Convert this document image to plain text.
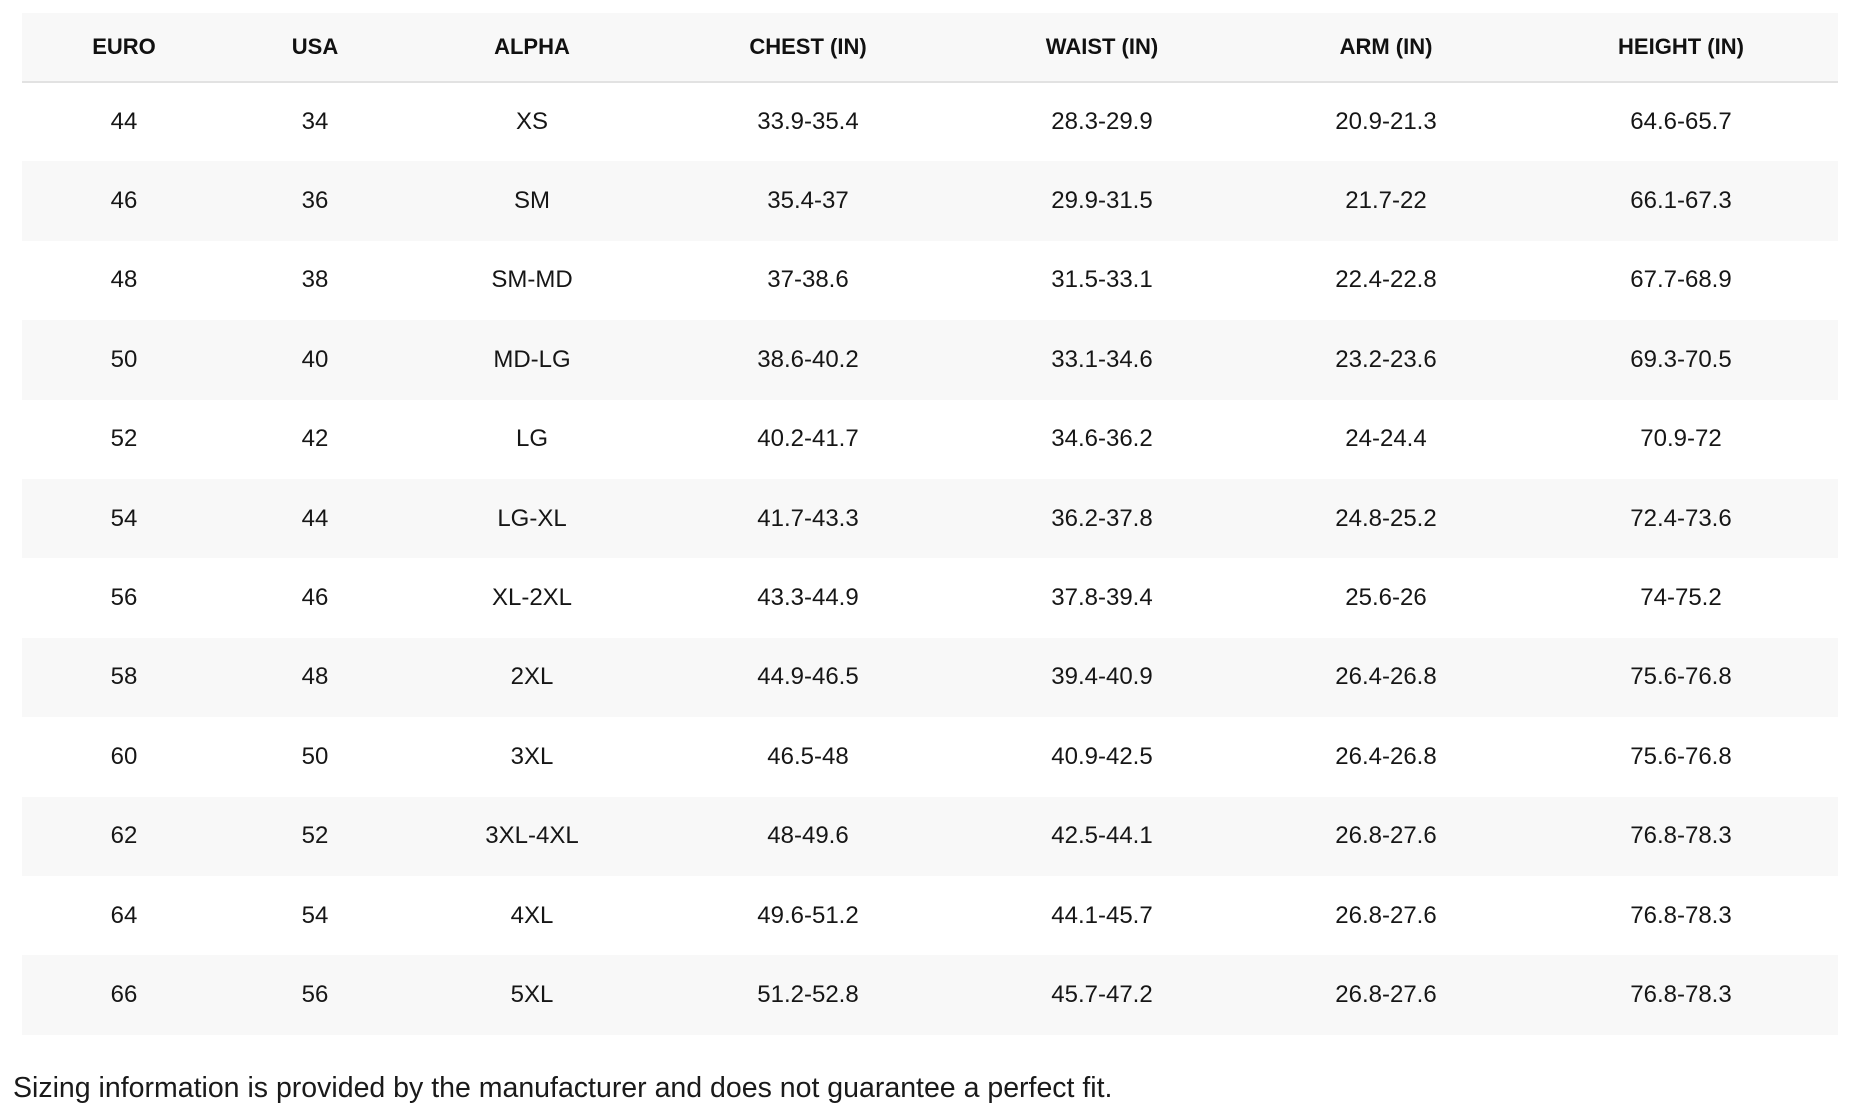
EURO	USA	ALPHA	CHEST (IN)	WAIST (IN)	ARM (IN)	HEIGHT (IN)
44	34	XS	33.9-35.4	28.3-29.9	20.9-21.3	64.6-65.7
46	36	SM	35.4-37	29.9-31.5	21.7-22	66.1-67.3
48	38	SM-MD	37-38.6	31.5-33.1	22.4-22.8	67.7-68.9
50	40	MD-LG	38.6-40.2	33.1-34.6	23.2-23.6	69.3-70.5
52	42	LG	40.2-41.7	34.6-36.2	24-24.4	70.9-72
54	44	LG-XL	41.7-43.3	36.2-37.8	24.8-25.2	72.4-73.6
56	46	XL-2XL	43.3-44.9	37.8-39.4	25.6-26	74-75.2
58	48	2XL	44.9-46.5	39.4-40.9	26.4-26.8	75.6-76.8
60	50	3XL	46.5-48	40.9-42.5	26.4-26.8	75.6-76.8
62	52	3XL-4XL	48-49.6	42.5-44.1	26.8-27.6	76.8-78.3
64	54	4XL	49.6-51.2	44.1-45.7	26.8-27.6	76.8-78.3
66	56	5XL	51.2-52.8	45.7-47.2	26.8-27.6	76.8-78.3
Sizing information is provided by the manufacturer and does not guarantee a perfect fit.
